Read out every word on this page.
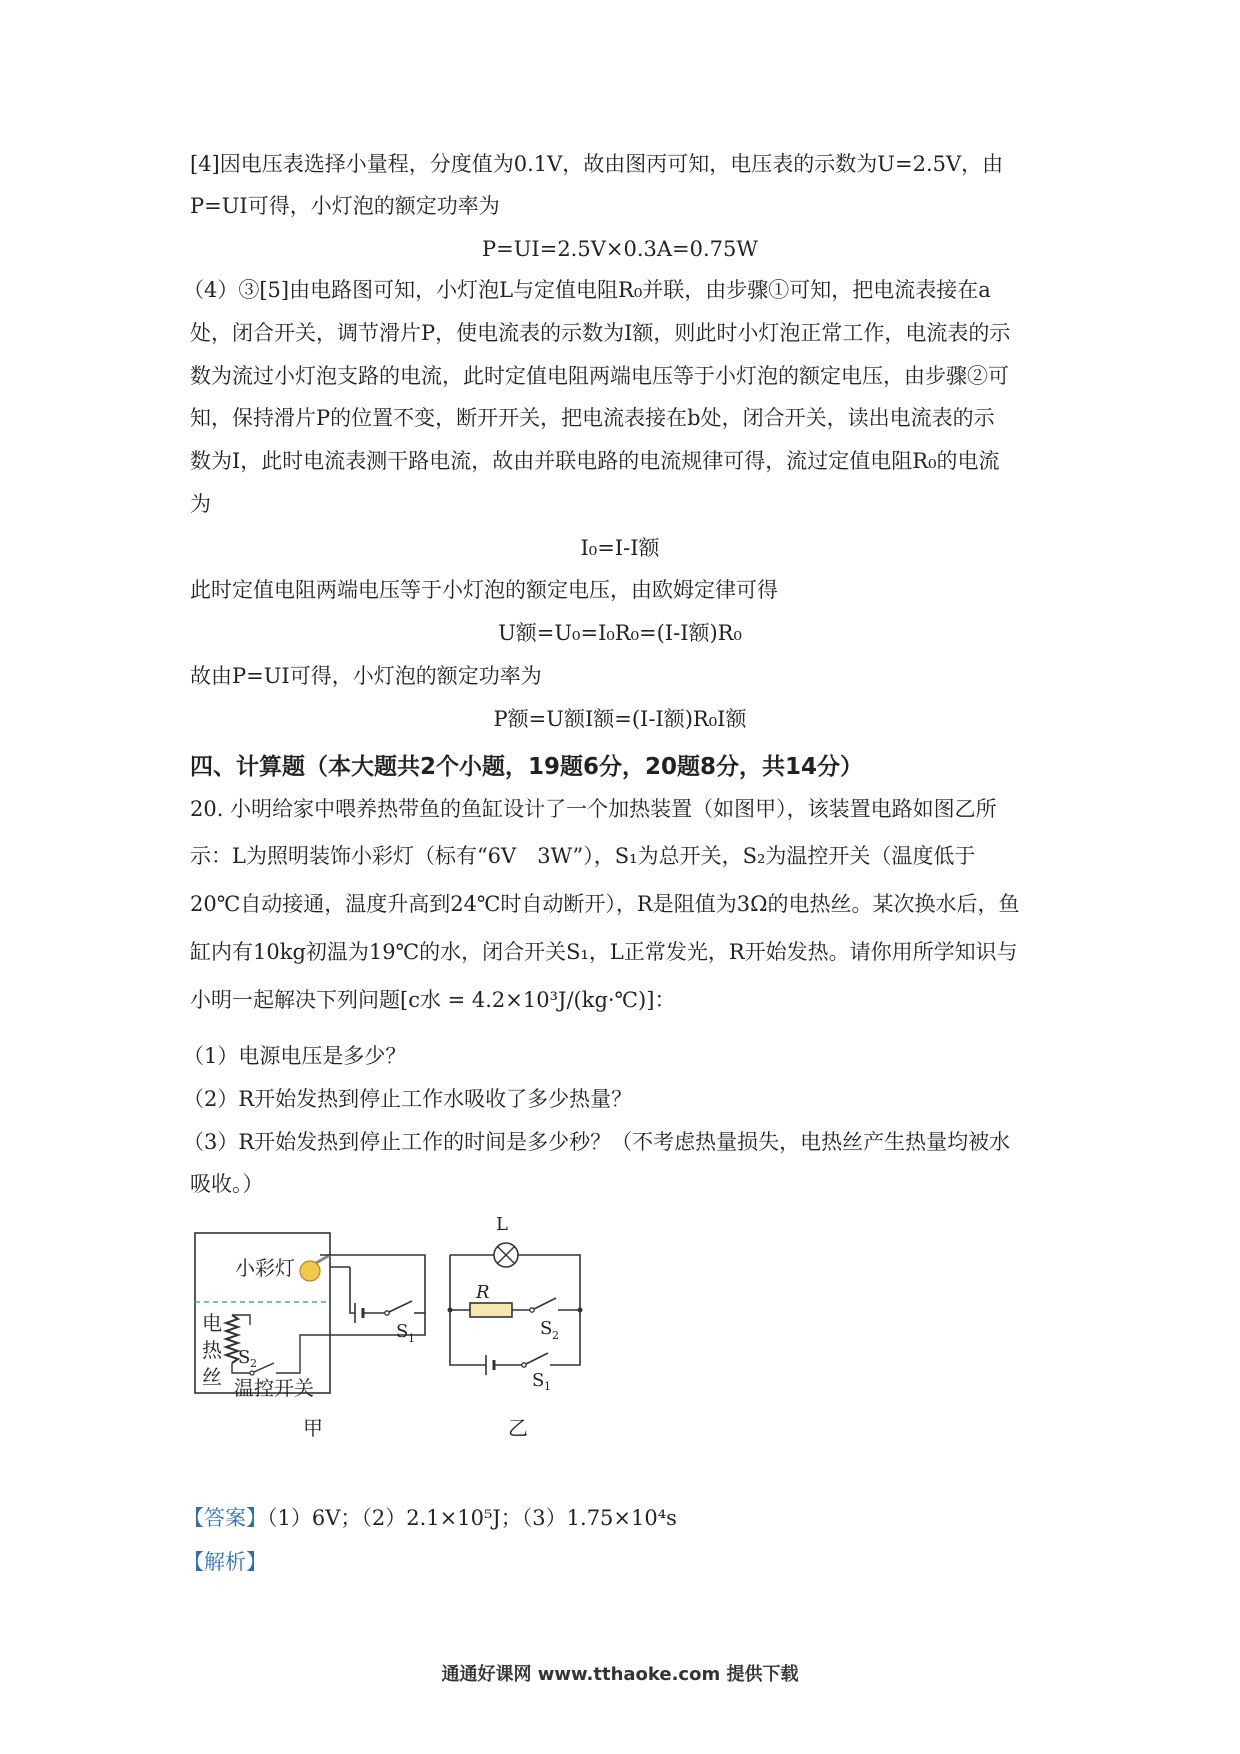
[4]因电压表选择小量程，分度值为0.1V，故由图丙可知，电压表的示数为U=2.5V，由
P=UI可得，小灯泡的额定功率为
P=UI=2.5V×0.3A=0.75W
（4）③[5]由电路图可知，小灯泡L与定值电阻R₀并联，由步骤①可知，把电流表接在a
处，闭合开关，调节滑片P，使电流表的示数为I额，则此时小灯泡正常工作，电流表的示
数为流过小灯泡支路的电流，此时定值电阻两端电压等于小灯泡的额定电压，由步骤②可
知，保持滑片P的位置不变，断开开关，把电流表接在b处，闭合开关，读出电流表的示
数为I，此时电流表测干路电流，故由并联电路的电流规律可得，流过定值电阻R₀的电流
为
I₀=I-I额
此时定值电阻两端电压等于小灯泡的额定电压，由欧姆定律可得
U额=U₀=I₀R₀=(I-I额)R₀
故由P=UI可得，小灯泡的额定功率为
P额=U额I额=(I-I额)R₀I额
四、计算题（本大题共2个小题，19题6分，20题8分，共14分）
20. 小明给家中喂养热带鱼的鱼缸设计了一个加热装置（如图甲），该装置电路如图乙所
示：L为照明装饰小彩灯（标有“6V　3W”），S₁为总开关，S₂为温控开关（温度低于
20℃自动接通，温度升高到24℃时自动断开），R是阻值为3Ω的电热丝。某次换水后，鱼
缸内有10kg初温为19℃的水，闭合开关S₁，L正常发光，R开始发热。请你用所学知识与
小明一起解决下列问题[c水 = 4.2×10³J/(kg·℃)]：
（1）电源电压是多少？
（2）R开始发热到停止工作水吸收了多少热量？
（3）R开始发热到停止工作的时间是多少秒？（不考虑热量损失，电热丝产生热量均被水
吸收。）
小彩灯
S 1
电
热
丝
S 2
温控开关
甲
L
R
S 2
S 1
乙
【答案】（1）6V；（2）2.1×10⁵J；（3）1.75×10⁴s
【解析】
通通好课网 www.tthaoke.com 提供下载
